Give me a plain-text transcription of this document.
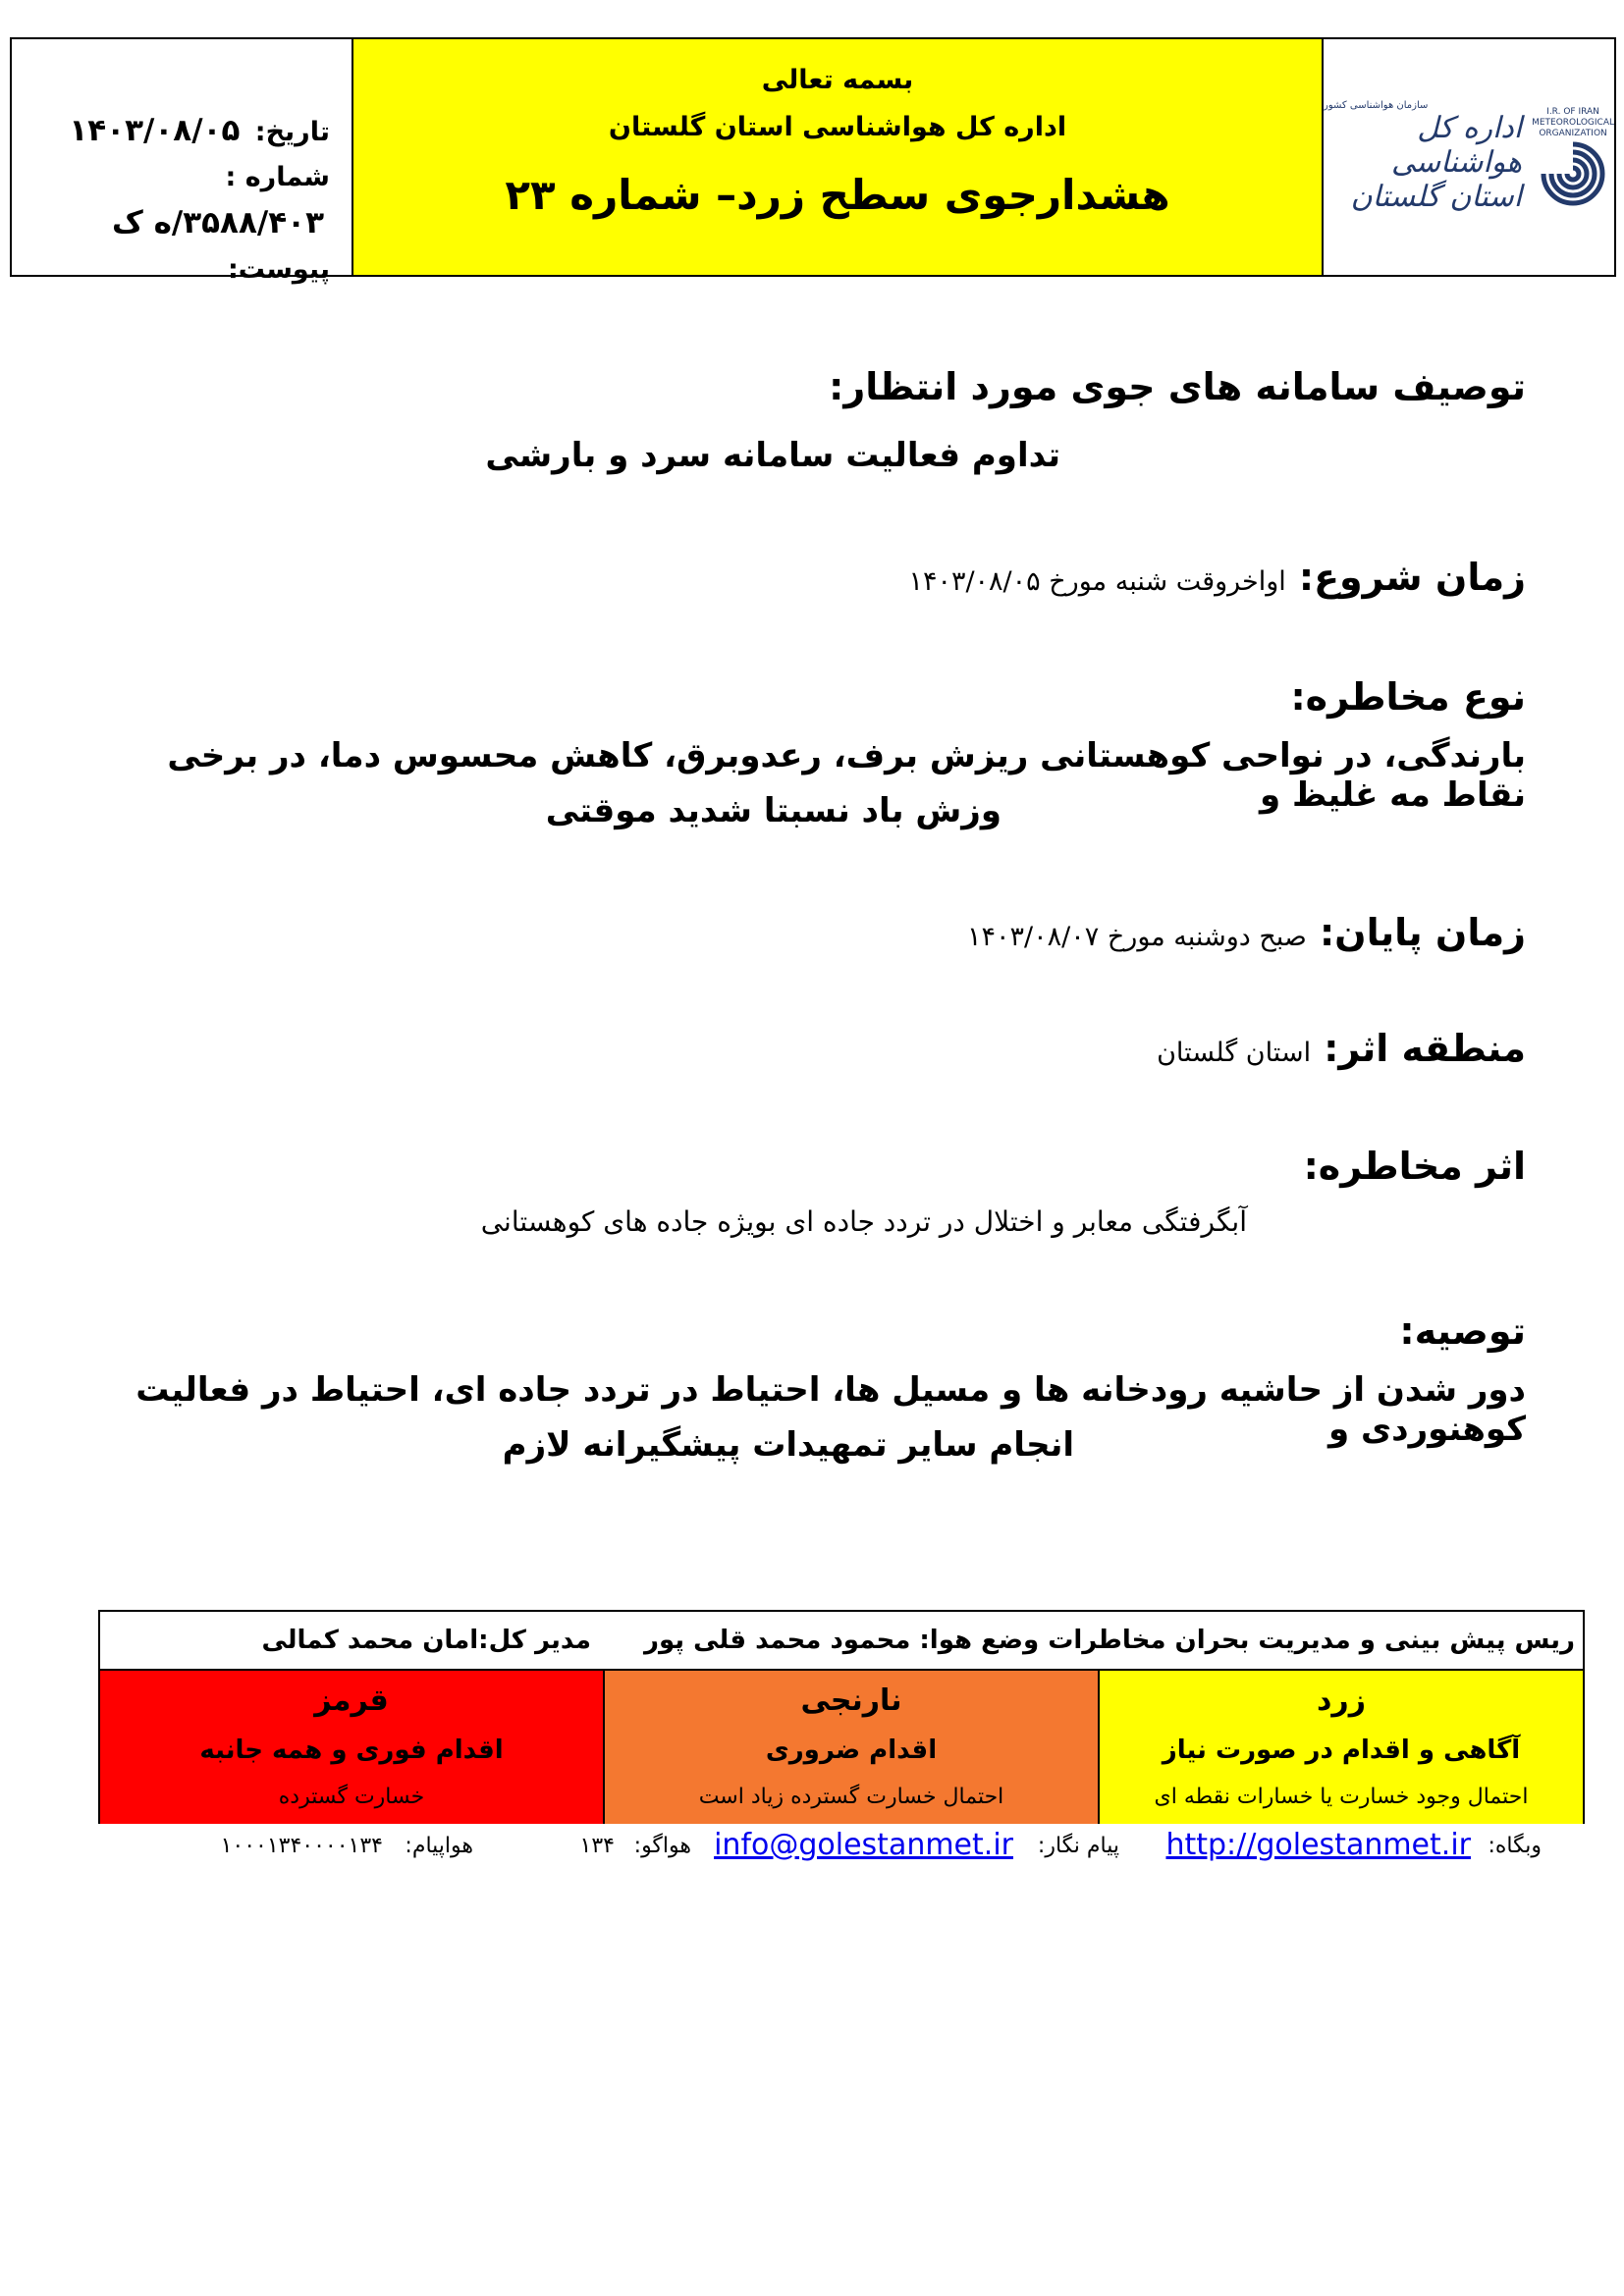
تاریخ: ۱۴۰۳/۰۸/۰۵
شماره : ۳۵۸۸/۴۰۳/ه ک
پیوست:
بسمه تعالی
اداره کل هواشناسی استان گلستان
هشدارجوی سطح زرد– شماره ۲۳
سازمان هواشناسی کشور
اداره کل هواشناسی استان گلستان
I.R. OF IRAN
METEOROLOGICAL
ORGANIZATION
توصیف سامانه های جوی مورد انتظار:
تداوم فعالیت سامانه سرد و بارشی
زمان شروع: اواخروقت شنبه مورخ ۱۴۰۳/۰۸/۰۵
نوع مخاطره:
بارندگی، در نواحی کوهستانی ریزش برف، رعدوبرق، کاهش محسوس دما، در برخی نقاط مه غلیظ و
وزش باد نسبتا شدید موقتی
زمان پایان: صبح دوشنبه مورخ ۱۴۰۳/۰۸/۰۷
منطقه اثر: استان گلستان
اثر مخاطره:
آبگرفتگی معابر و اختلال در تردد جاده ای بویژه جاده های کوهستانی
توصیه:
دور شدن از حاشیه رودخانه ها و مسیل ها، احتیاط در تردد جاده ای، احتیاط در فعالیت کوهنوردی و
انجام سایر تمهیدات پیشگیرانه لازم
ریس پیش بینی و مدیریت بحران مخاطرات وضع هوا: محمود محمد قلی پور
مدیر کل:امان محمد کمالی
قرمز
اقدام فوری و همه جانبه
خسارت گسترده
نارنجی
اقدام ضروری
احتمال خسارت گسترده زیاد است
زرد
آگاهی و اقدام در صورت نیاز
احتمال وجود خسارت یا خسارات نقطه ای
وبگاه:
http://golestanmet.ir
پیام نگار:
info@golestanmet.ir
هواگو:
۱۳۴
هواپیام:
۱۰۰۰۱۳۴۰۰۰۰۱۳۴
